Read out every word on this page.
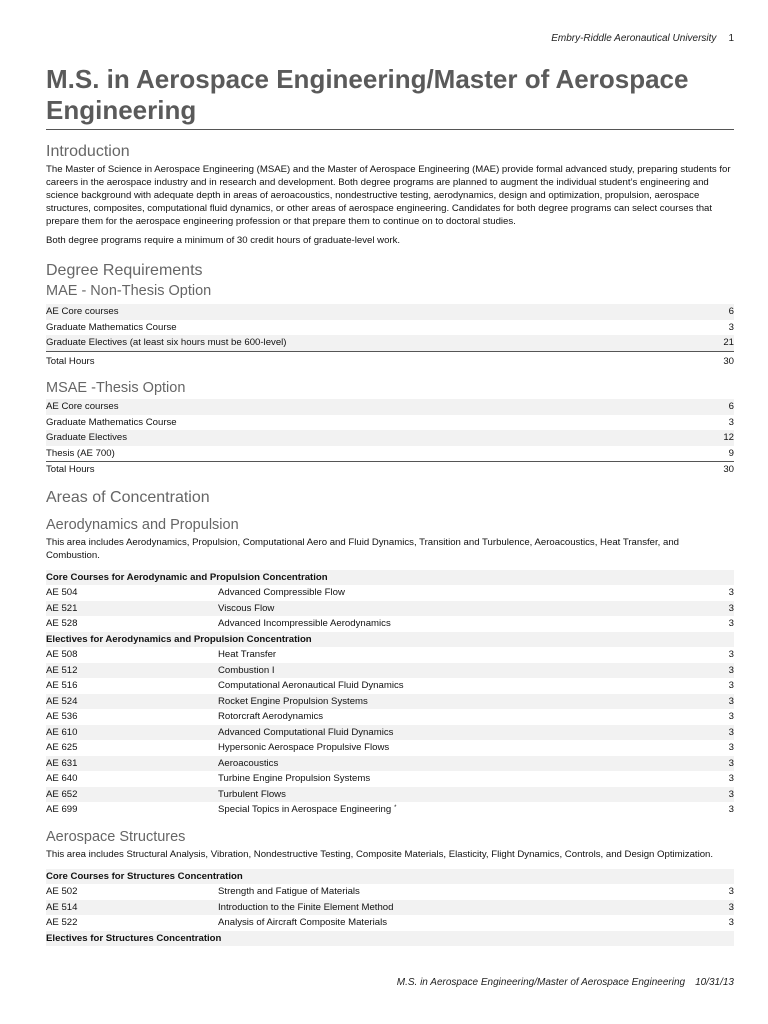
Embry-Riddle Aeronautical University 1
M.S. in Aerospace Engineering/Master of Aerospace Engineering
Introduction

The Master of Science in Aerospace Engineering (MSAE) and the Master of Aerospace Engineering (MAE) provide formal advanced study, preparing students for careers in the aerospace industry and in research and development. Both degree programs are planned to augment the individual student’s engineering and science background with adequate depth in areas of aeroacoustics, nondestructive testing, aerodynamics, design and optimization, propulsion, aerospace structures, composites, computational fluid dynamics, or other areas of aerospace engineering. Candidates for both degree programs can select courses that prepare them for the aerospace engineering profession or that prepare them to continue on to doctoral studies.

Both degree programs require a minimum of 30 credit hours of graduate-level work.

Degree Requirements
MAE - Non-Thesis Option
AE Core courses	6
Graduate Mathematics Course	3
Graduate Electives (at least six hours must be 600-level)	21
Total Hours	30
MSAE -Thesis Option
AE Core courses	6
Graduate Mathematics Course	3
Graduate Electives	12
Thesis (AE 700)	9
Total Hours	30
Areas of Concentration
Aerodynamics and Propulsion

This area includes Aerodynamics, Propulsion, Computational Aero and Fluid Dynamics, Transition and Turbulence, Aeroacoustics, Heat Transfer, and Combustion.

Core Courses for Aerodynamic and Propulsion Concentration		
AE 504	Advanced Compressible Flow	3
AE 521	Viscous Flow	3
AE 528	Advanced Incompressible Aerodynamics	3
Electives for Aerodynamics and Propulsion Concentration		
AE 508	Heat Transfer	3
AE 512	Combustion I	3
AE 516	Computational Aeronautical Fluid Dynamics	3
AE 524	Rocket Engine Propulsion Systems	3
AE 536	Rotorcraft Aerodynamics	3
AE 610	Advanced Computational Fluid Dynamics	3
AE 625	Hypersonic Aerospace Propulsive Flows	3
AE 631	Aeroacoustics	3
AE 640	Turbine Engine Propulsion Systems	3
AE 652	Turbulent Flows	3
AE 699	Special Topics in Aerospace Engineering *	3
Aerospace Structures

This area includes Structural Analysis, Vibration, Nondestructive Testing, Composite Materials, Elasticity, Flight Dynamics, Controls, and Design Optimization.

Core Courses for Structures Concentration		
AE 502	Strength and Fatigue of Materials	3
AE 514	Introduction to the Finite Element Method	3
AE 522	Analysis of Aircraft Composite Materials	3
Electives for Structures Concentration		
M.S. in Aerospace Engineering/Master of Aerospace Engineering 10/31/13
